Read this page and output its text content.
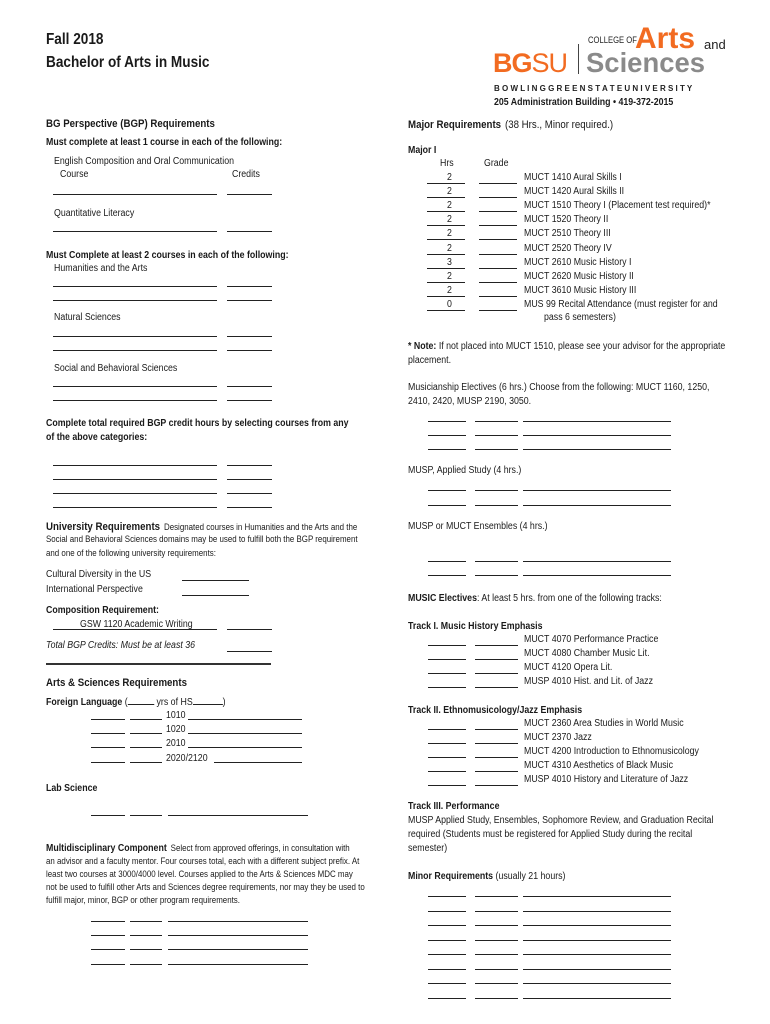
Fall 2018
Bachelor of Arts in Music	BGSU
COLLEGE OF
Arts and
Sciences
B O W L I N G G R E E N S T A T E U N I V E R S I T Y
205 Administration Building • 419-372-2015
BG Perspective (BGP) Requirements
Must complete at least 1 course in each of the following:
English Composition and Oral Communication
Course	Credits
Quantitative Literacy
Must Complete at least 2 courses in each of the following:
Humanities and the Arts
Natural Sciences
Social and Behavioral Sciences
Complete total required BGP credit hours by selecting courses from any
of the above categories:
University Requirements Designated courses in Humanities and the Arts and the
Social and Behavioral Sciences domains may be used to fulfill both the BGP requirement
and one of the following university requirements:
Cultural Diversity in the US
International Perspective
Composition Requirement:
GSW 1120 Academic Writing
Total BGP Credits: Must be at least 36
Arts & Sciences Requirements
Foreign Language (	yrs of HS	)
1010
1020
2010
2020/2120
Lab Science
Multidisciplinary Component Select from approved offerings, in consultation with
an advisor and a faculty mentor. Four courses total, each with a different subject prefix. At
least two courses at 3000/4000 level. Courses applied to the Arts & Sciences MDC may
not be used to fulfill other Arts and Sciences degree requirements, nor may they be used to
fulfill major, minor, BGP or other program requirements.
Major Requirements (38 Hrs., Minor required.)
Major I
Hrs	Grade
2	MUCT 1410 Aural Skills I
2	MUCT 1420 Aural Skills II
2	MUCT 1510 Theory I (Placement test required)*
2	MUCT 1520 Theory II
2	MUCT 2510 Theory III
2	MUCT 2520 Theory IV
3	MUCT 2610 Music History I
2	MUCT 2620 Music History II
2	MUCT 3610 Music History III
0	MUS 99 Recital Attendance (must register for and
pass 6 semesters)
* Note: If not placed into MUCT 1510, please see your advisor for the appropriate
placement.
Musicianship Electives (6 hrs.) Choose from the following: MUCT 1160, 1250,
2410, 2420, MUSP 2190, 3050.
MUSP, Applied Study (4 hrs.)
MUSP or MUCT Ensembles (4 hrs.)
MUSIC Electives: At least 5 hrs. from one of the following tracks:
Track I. Music History Emphasis
MUCT 4070 Performance Practice
MUCT 4080 Chamber Music Lit.
MUCT 4120 Opera Lit.
MUSP 4010 Hist. and Lit. of Jazz
Track II. Ethnomusicology/Jazz Emphasis
MUCT 2360 Area Studies in World Music
MUCT 2370 Jazz
MUCT 4200 Introduction to Ethnomusicology
MUCT 4310 Aesthetics of Black Music
MUSP 4010 History and Literature of Jazz
Track III. Performance
MUSP Applied Study, Ensembles, Sophomore Review, and Graduation Recital
required (Students must be registered for Applied Study during the recital
semester)
Minor Requirements (usually 21 hours)
